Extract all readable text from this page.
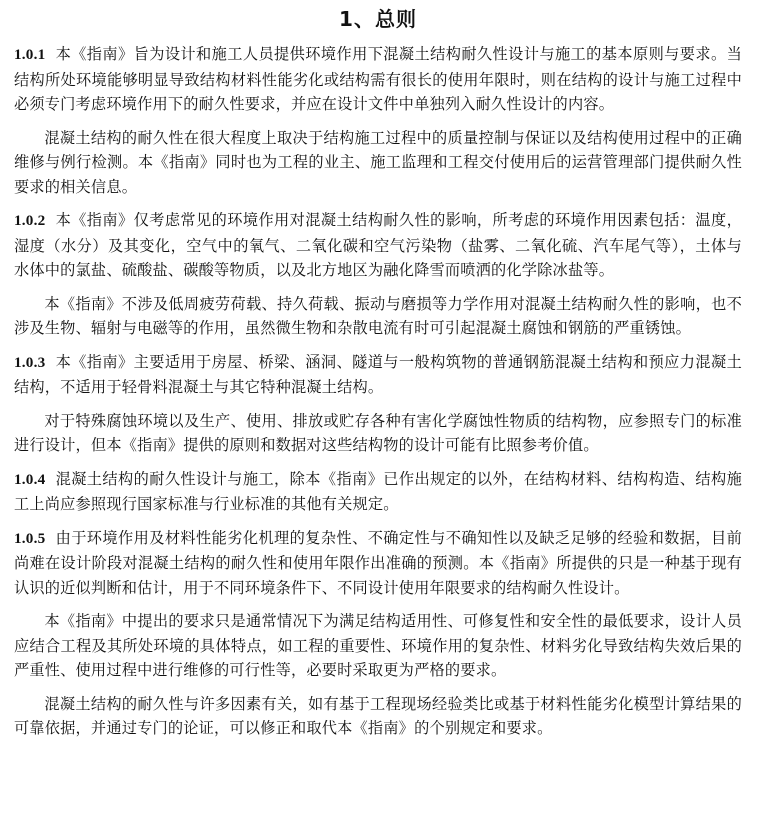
1、总则

1.0.1 本《指南》旨为设计和施工人员提供环境作用下混凝土结构耐久性设计与施工的基本原则与要求。当结构所处环境能够明显导致结构材料性能劣化或结构需有很长的使用年限时，则在结构的设计与施工过程中必须专门考虑环境作用下的耐久性要求，并应在设计文件中单独列入耐久性设计的内容。

混凝土结构的耐久性在很大程度上取决于结构施工过程中的质量控制与保证以及结构使用过程中的正确维修与例行检测。本《指南》同时也为工程的业主、施工监理和工程交付使用后的运营管理部门提供耐久性要求的相关信息。

1.0.2 本《指南》仅考虑常见的环境作用对混凝土结构耐久性的影响，所考虑的环境作用因素包括：温度，湿度（水分）及其变化，空气中的氧气、二氧化碳和空气污染物（盐雾、二氧化硫、汽车尾气等），土体与水体中的氯盐、硫酸盐、碳酸等物质，以及北方地区为融化降雪而喷洒的化学除冰盐等。

本《指南》不涉及低周疲劳荷载、持久荷载、振动与磨损等力学作用对混凝土结构耐久性的影响，也不涉及生物、辐射与电磁等的作用，虽然微生物和杂散电流有时可引起混凝土腐蚀和钢筋的严重锈蚀。

1.0.3 本《指南》主要适用于房屋、桥梁、涵洞、隧道与一般构筑物的普通钢筋混凝土结构和预应力混凝土结构，不适用于轻骨料混凝土与其它特种混凝土结构。

对于特殊腐蚀环境以及生产、使用、排放或贮存各种有害化学腐蚀性物质的结构物，应参照专门的标准进行设计，但本《指南》提供的原则和数据对这些结构物的设计可能有比照参考价值。

1.0.4 混凝土结构的耐久性设计与施工，除本《指南》已作出规定的以外，在结构材料、结构构造、结构施工上尚应参照现行国家标准与行业标准的其他有关规定。

1.0.5 由于环境作用及材料性能劣化机理的复杂性、不确定性与不确知性以及缺乏足够的经验和数据，目前尚难在设计阶段对混凝土结构的耐久性和使用年限作出准确的预测。本《指南》所提供的只是一种基于现有认识的近似判断和估计，用于不同环境条件下、不同设计使用年限要求的结构耐久性设计。

本《指南》中提出的要求只是通常情况下为满足结构适用性、可修复性和安全性的最低要求，设计人员应结合工程及其所处环境的具体特点，如工程的重要性、环境作用的复杂性、材料劣化导致结构失效后果的严重性、使用过程中进行维修的可行性等，必要时采取更为严格的要求。

混凝土结构的耐久性与许多因素有关，如有基于工程现场经验类比或基于材料性能劣化模型计算结果的可靠依据，并通过专门的论证，可以修正和取代本《指南》的个别规定和要求。
